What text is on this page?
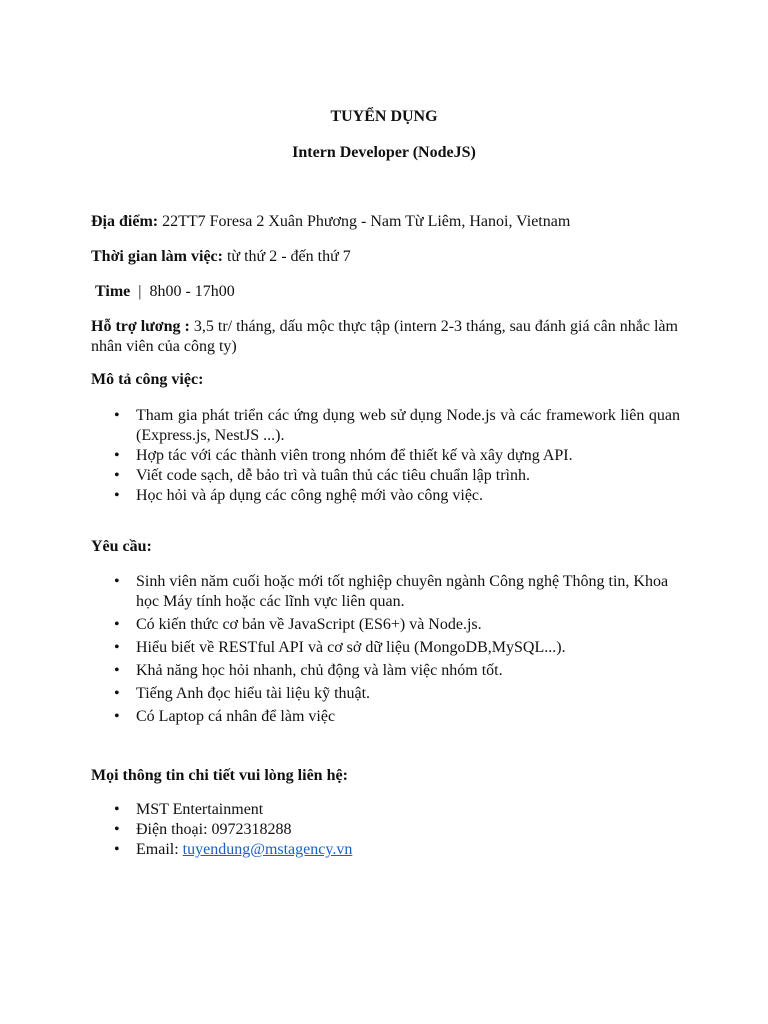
TUYỂN DỤNG
Intern Developer (NodeJS)
Địa điểm: 22TT7 Foresa 2 Xuân Phương - Nam Từ Liêm, Hanoi, Vietnam
Thời gian làm việc: từ thứ 2 - đến thứ 7
Time | 8h00 - 17h00
Hỗ trợ lương : 3,5 tr/ tháng, dấu mộc thực tập (intern 2-3 tháng, sau đánh giá cân nhắc làm nhân viên của công ty)
Mô tả công việc:
• Tham gia phát triển các ứng dụng web sử dụng Node.js và các framework liên quan (Express.js, NestJS ...).
• Hợp tác với các thành viên trong nhóm để thiết kế và xây dựng API.
• Viết code sạch, dễ bảo trì và tuân thủ các tiêu chuẩn lập trình.
• Học hỏi và áp dụng các công nghệ mới vào công việc.
Yêu cầu:
• Sinh viên năm cuối hoặc mới tốt nghiệp chuyên ngành Công nghệ Thông tin, Khoa học Máy tính hoặc các lĩnh vực liên quan.
• Có kiến thức cơ bản về JavaScript (ES6+) và Node.js.
• Hiểu biết về RESTful API và cơ sở dữ liệu (MongoDB,MySQL...).
• Khả năng học hỏi nhanh, chủ động và làm việc nhóm tốt.
• Tiếng Anh đọc hiểu tài liệu kỹ thuật.
• Có Laptop cá nhân để làm việc
Mọi thông tin chi tiết vui lòng liên hệ:
• MST Entertainment
• Điện thoại: 0972318288
• Email: tuyendung@mstagency.vn
